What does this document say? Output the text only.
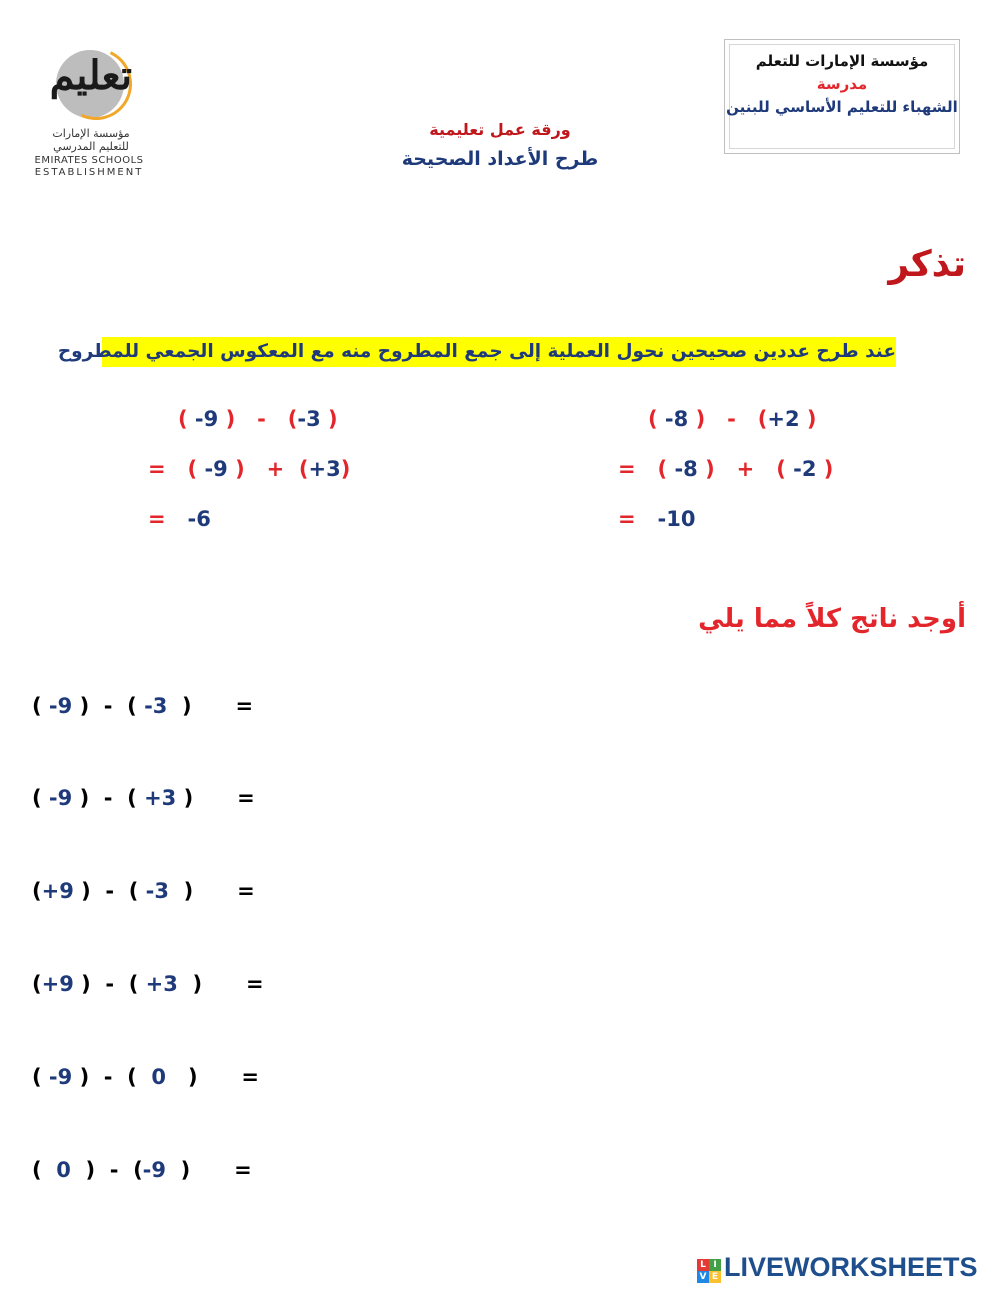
تعليم
مؤسسة الإمارات
للتعليم المدرسي
EMIRATES SCHOOLS
ESTABLISHMENT
مؤسسة الإمارات للتعلم
مدرسة
الشهباء للتعليم الأساسي للبنين
ورقة عمل تعليمية
طرح الأعداد الصحيحة
تذكر
عند طرح عددين صحيحين نحول العملية إلى جمع المطروح منه مع المعكوس الجمعي للمطروح
( -8 ) - (+2 )
= ( -8 ) + ( -2 )
= -10
( -9 ) - (-3 )
= ( -9 ) + (+3)
= -6
أوجد ناتج كلاً مما يلي
( -9 ) - ( -3 ) =
( -9 ) - ( +3 ) =
(+9 ) - ( -3 ) =
(+9 ) - ( +3 ) =
( -9 ) - ( 0 ) =
( 0 ) - (-9 ) =
L I
V E LIVEWORKSHEETS
